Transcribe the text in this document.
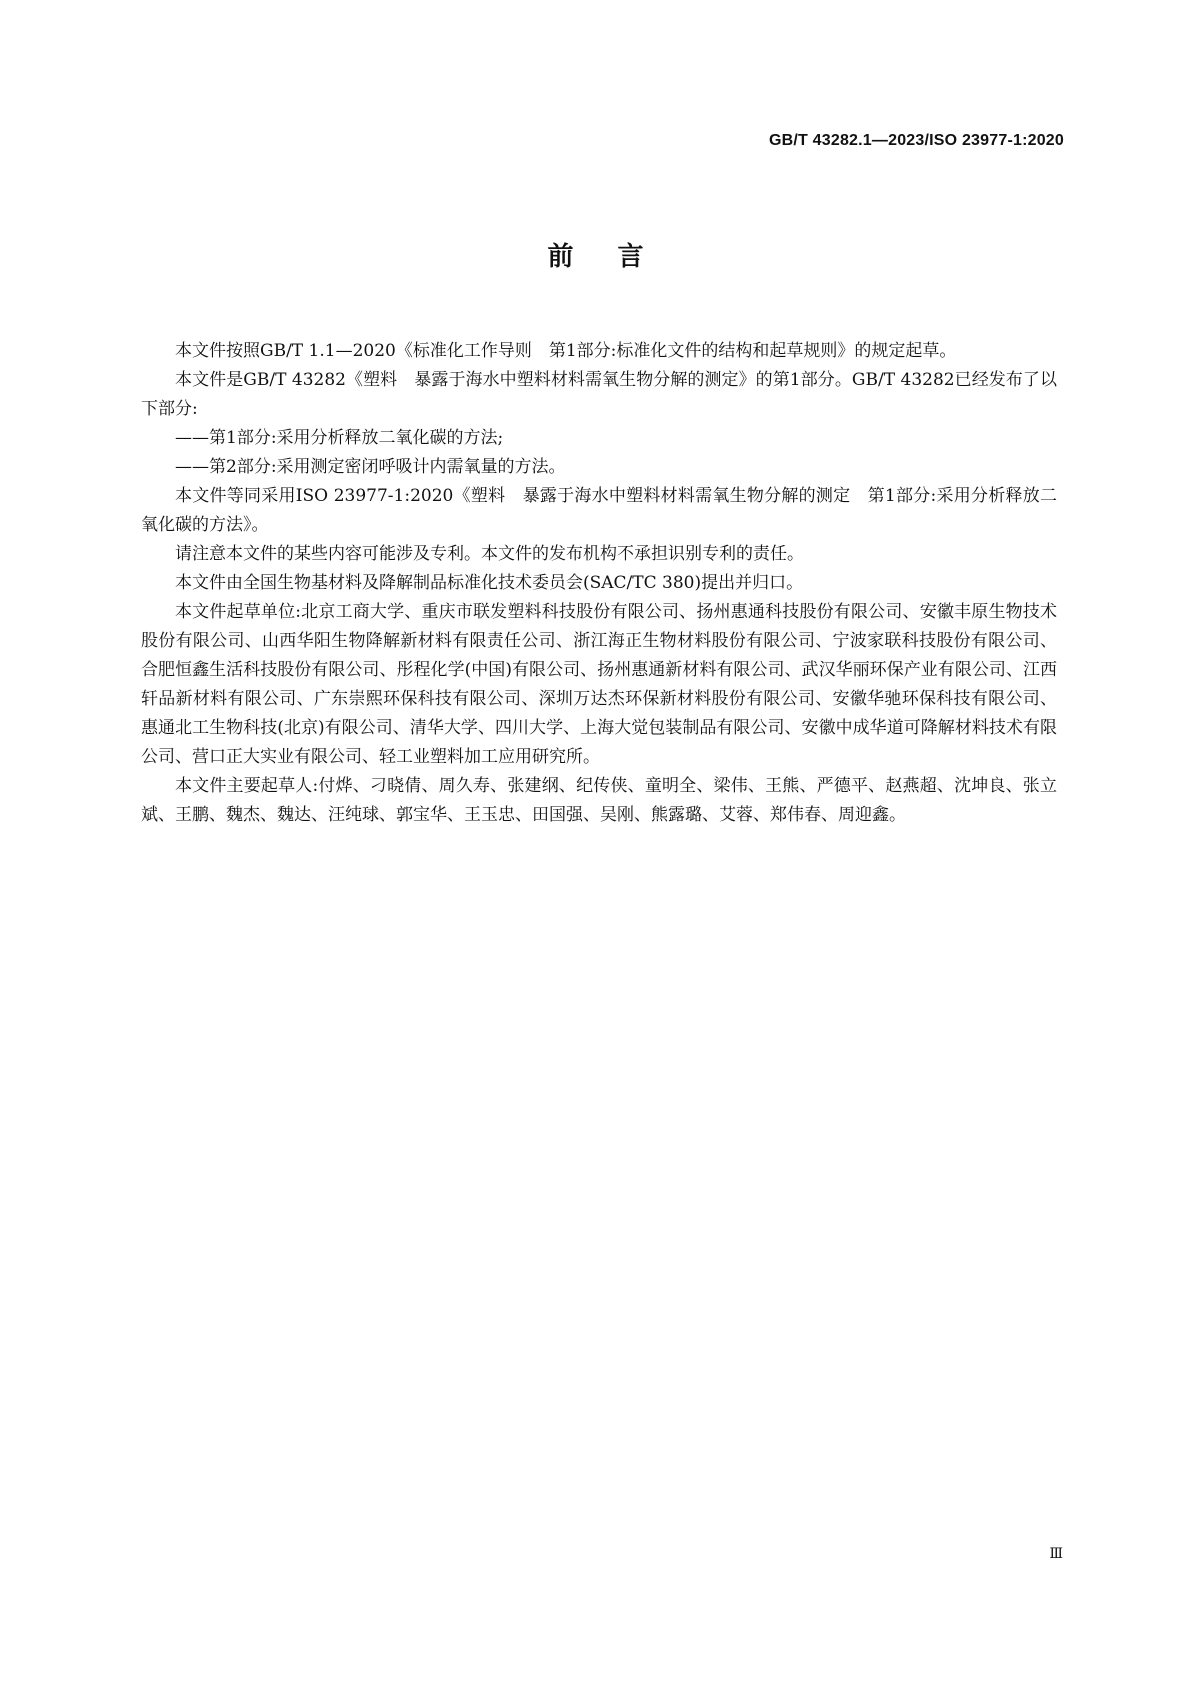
GB/T 43282.1—2023/ISO 23977-1:2020
前言

本文件按照GB/T 1.1—2020《标准化工作导则　第1部分:标准化文件的结构和起草规则》的规定起草。

本文件是GB/T 43282《塑料　暴露于海水中塑料材料需氧生物分解的测定》的第1部分。GB/T 43282已经发布了以下部分:

——第1部分:采用分析释放二氧化碳的方法;

——第2部分:采用测定密闭呼吸计内需氧量的方法。

本文件等同采用ISO 23977-1:2020《塑料　暴露于海水中塑料材料需氧生物分解的测定　第1部分:采用分析释放二氧化碳的方法》。

请注意本文件的某些内容可能涉及专利。本文件的发布机构不承担识别专利的责任。

本文件由全国生物基材料及降解制品标准化技术委员会(SAC/TC 380)提出并归口。

本文件起草单位:北京工商大学、重庆市联发塑料科技股份有限公司、扬州惠通科技股份有限公司、安徽丰原生物技术股份有限公司、山西华阳生物降解新材料有限责任公司、浙江海正生物材料股份有限公司、宁波家联科技股份有限公司、合肥恒鑫生活科技股份有限公司、彤程化学(中国)有限公司、扬州惠通新材料有限公司、武汉华丽环保产业有限公司、江西轩品新材料有限公司、广东崇熙环保科技有限公司、深圳万达杰环保新材料股份有限公司、安徽华驰环保科技有限公司、惠通北工生物科技(北京)有限公司、清华大学、四川大学、上海大觉包装制品有限公司、安徽中成华道可降解材料技术有限公司、营口正大实业有限公司、轻工业塑料加工应用研究所。

本文件主要起草人:付烨、刁晓倩、周久寿、张建纲、纪传侠、童明全、梁伟、王熊、严德平、赵燕超、沈坤良、张立斌、王鹏、魏杰、魏达、汪纯球、郭宝华、王玉忠、田国强、吴刚、熊露璐、艾蓉、郑伟春、周迎鑫。

Ⅲ
